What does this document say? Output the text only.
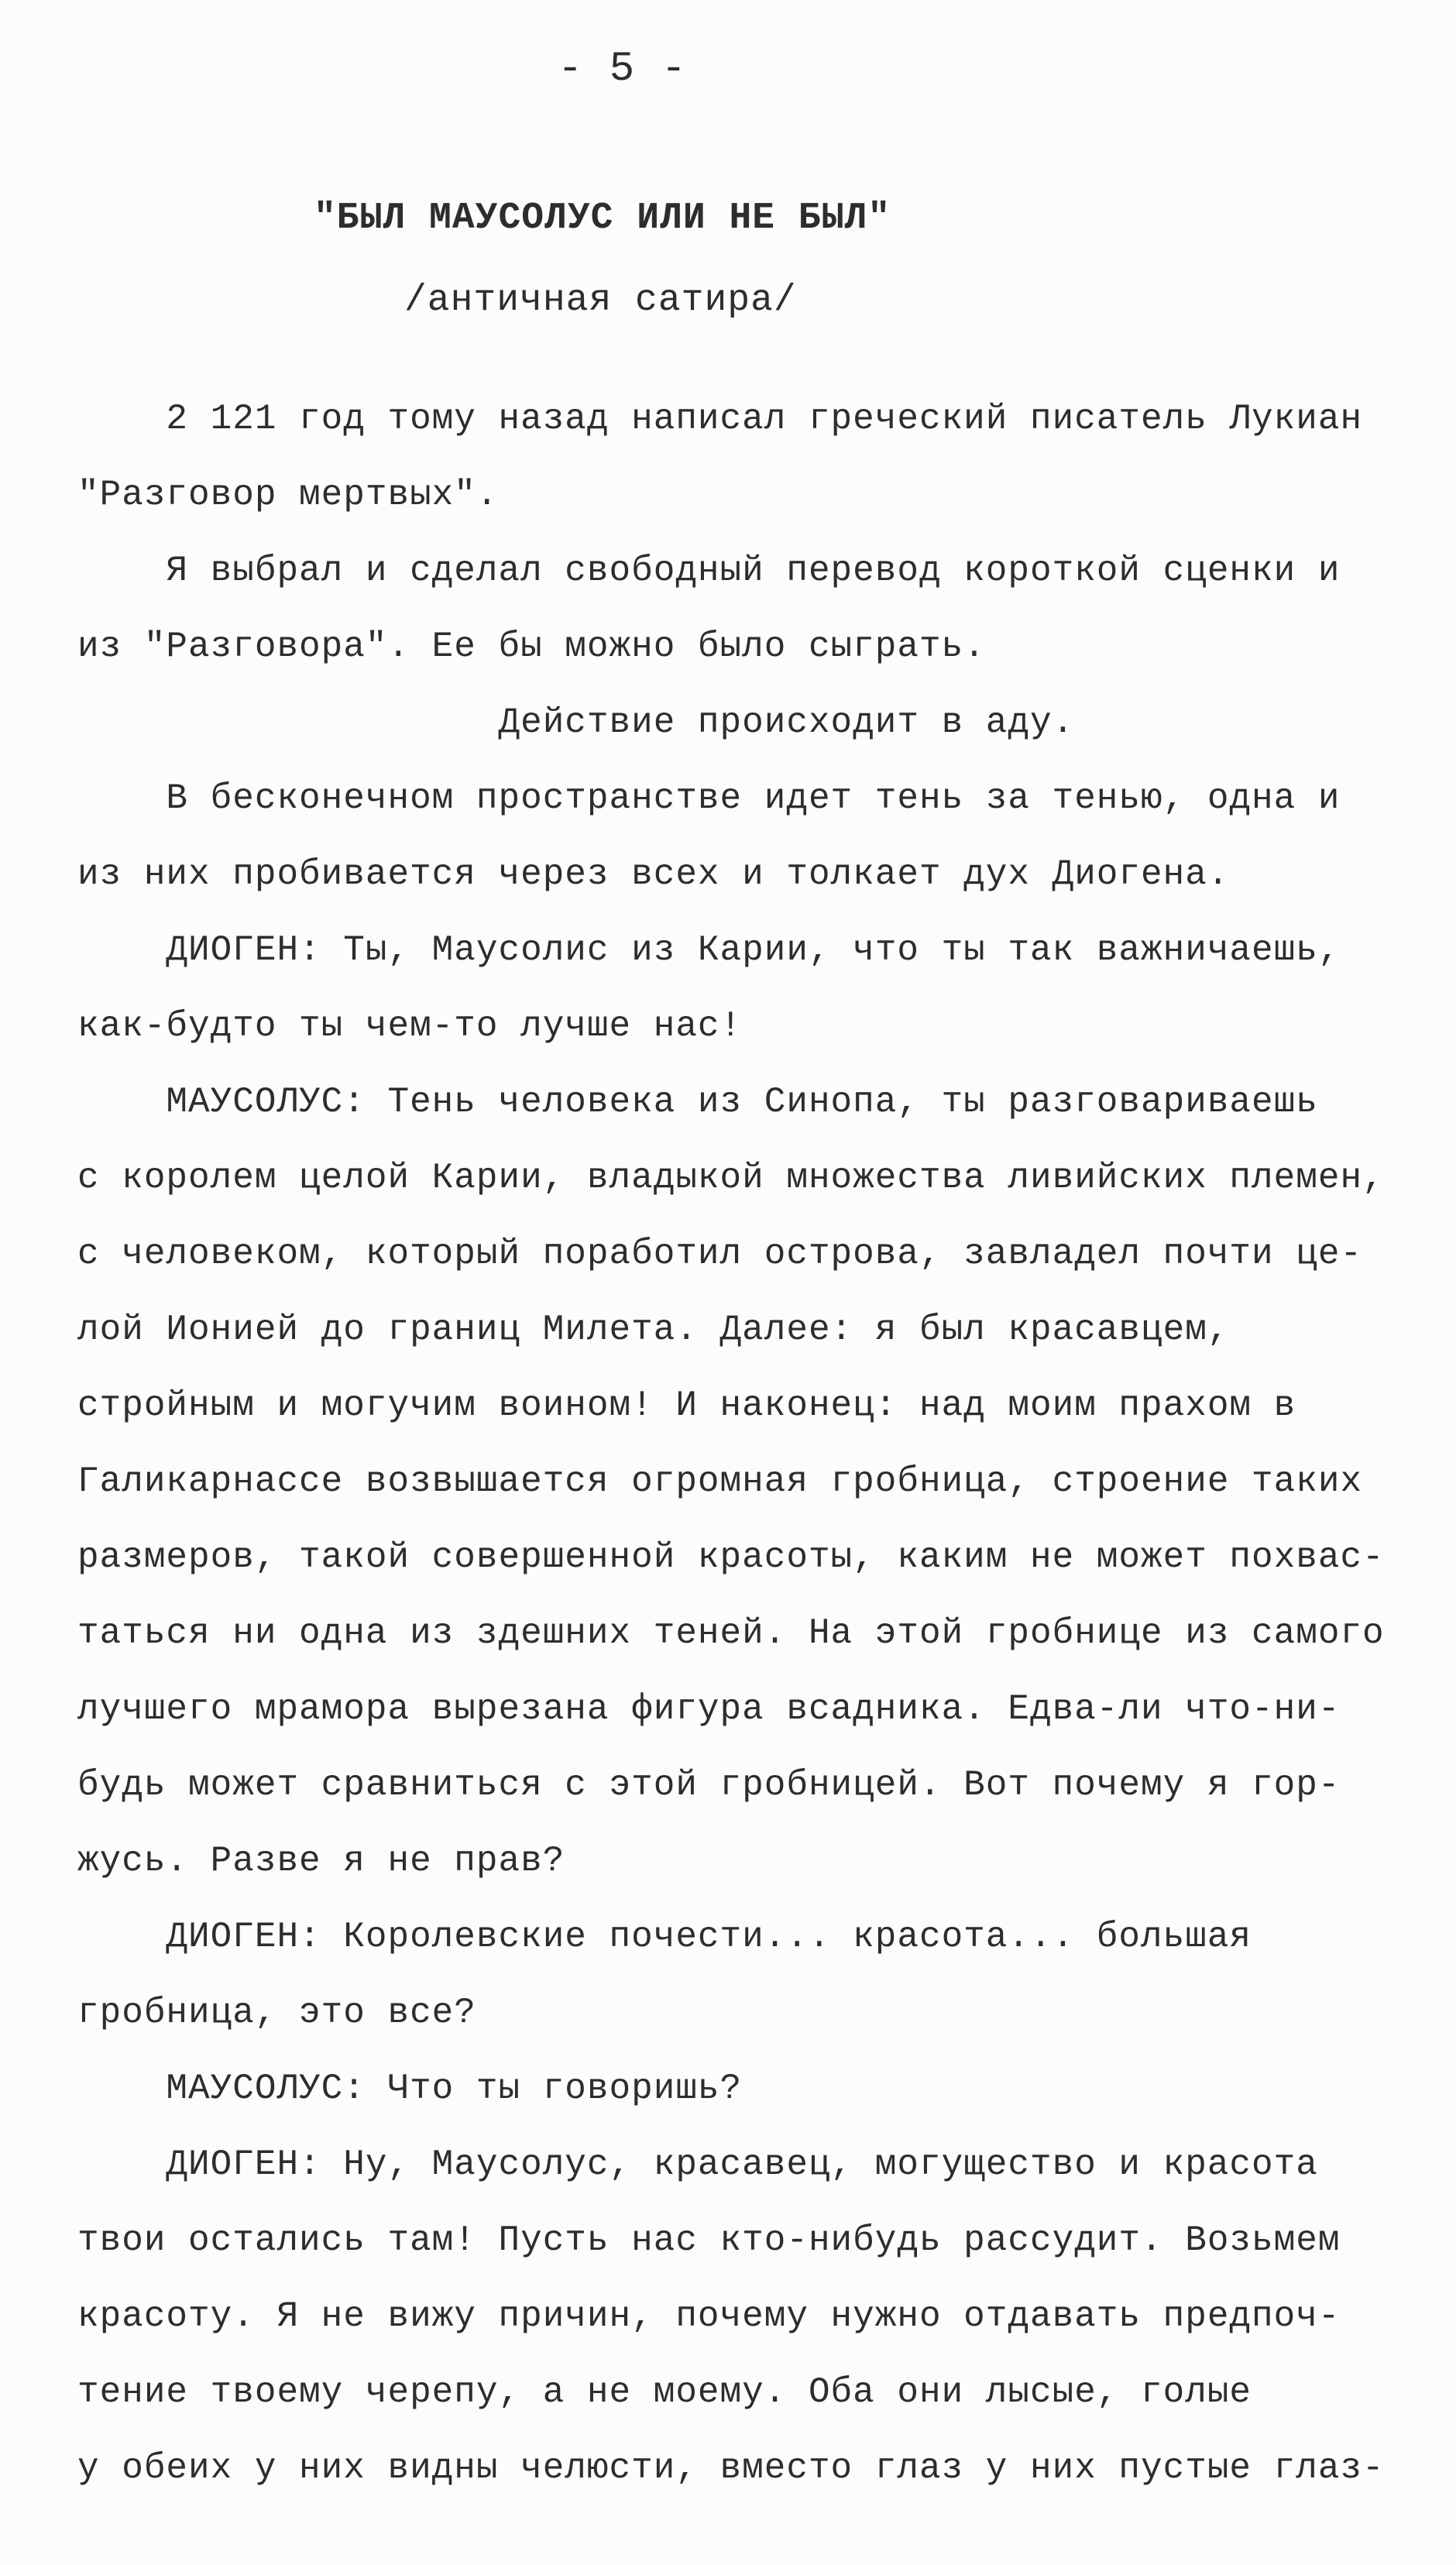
- 5 -
"БЫЛ МАУСОЛУС ИЛИ НЕ БЫЛ"
/античная сатира/
2 121 год тому назад написал греческий писатель Лукиан
"Разговор мертвых".
Я выбрал и сделал свободный перевод короткой сценки и
из "Разговора". Ее бы можно было сыграть.
Действие происходит в аду.
В бесконечном пространстве идет тень за тенью, одна и
из них пробивается через всех и толкает дух Диогена.
ДИОГЕН: Ты, Маусолис из Карии, что ты так важничаешь,
как-будто ты чем-то лучше нас!
МАУСОЛУС: Тень человека из Синопа, ты разговариваешь
с королем целой Карии, владыкой множества ливийских племен,
с человеком, который поработил острова, завладел почти це-
лой Ионией до границ Милета. Далее: я был красавцем,
стройным и могучим воином! И наконец: над моим прахом в
Галикарнассе возвышается огромная гробница, строение таких
размеров, такой совершенной красоты, каким не может похвас-
таться ни одна из здешних теней. На этой гробнице из самого
лучшего мрамора вырезана фигура всадника. Едва-ли что-ни-
будь может сравниться с этой гробницей. Вот почему я гор-
жусь. Разве я не прав?
ДИОГЕН: Королевские почести... красота... большая
гробница, это все?
МАУСОЛУС: Что ты говоришь?
ДИОГЕН: Ну, Маусолус, красавец, могущество и красота
твои остались там! Пусть нас кто-нибудь рассудит. Возьмем
красоту. Я не вижу причин, почему нужно отдавать предпоч-
тение твоему черепу, а не моему. Оба они лысые, голые
у обеих у них видны челюсти, вместо глаз у них пустые глаз-
